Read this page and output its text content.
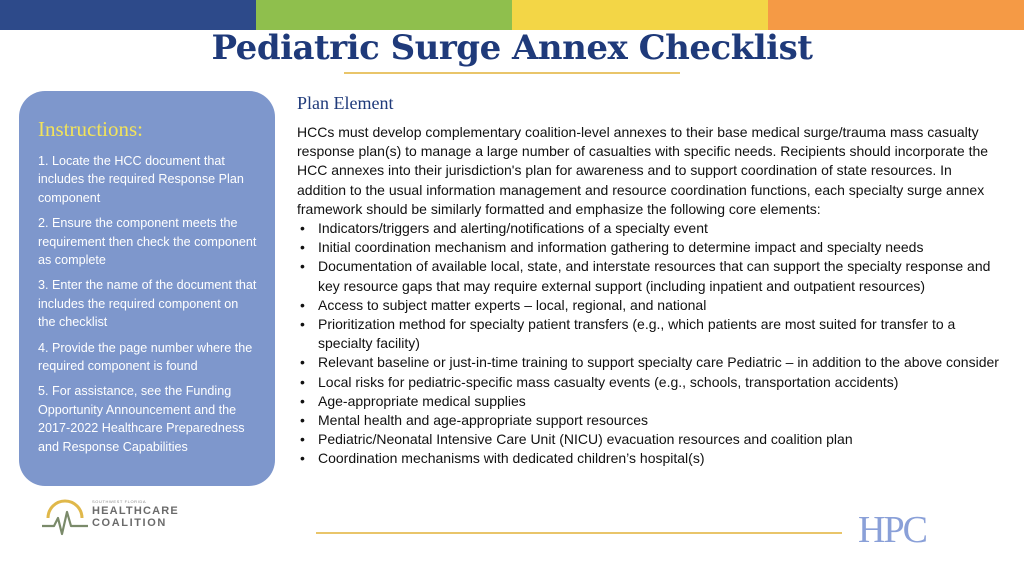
Pediatric Surge Annex Checklist
Instructions:

1. Locate the HCC document that includes the required Response Plan component

2. Ensure the component meets the requirement then check the component as complete

3. Enter the name of the document that includes the required component on the checklist

4. Provide the page number where the required component is found

5. For assistance, see the Funding Opportunity Announcement and the 2017-2022 Healthcare Preparedness and Response Capabilities

Plan Element

HCCs must develop complementary coalition-level annexes to their base medical surge/trauma mass casualty response plan(s) to manage a large number of casualties with specific needs. Recipients should incorporate the HCC annexes into their jurisdiction's plan for awareness and to support coordination of state resources. In addition to the usual information management and resource coordination functions, each specialty surge annex framework should be similarly formatted and emphasize the following core elements:

• Indicators/triggers and alerting/notifications of a specialty event
• Initial coordination mechanism and information gathering to determine impact and specialty needs
• Documentation of available local, state, and interstate resources that can support the specialty response and key resource gaps that may require external support (including inpatient and outpatient resources)
• Access to subject matter experts – local, regional, and national
• Prioritization method for specialty patient transfers (e.g., which patients are most suited for transfer to a specialty facility)
• Relevant baseline or just-in-time training to support specialty care Pediatric – in addition to the above consider
• Local risks for pediatric-specific mass casualty events (e.g., schools, transportation accidents)
• Age-appropriate medical supplies
• Mental health and age-appropriate support resources
• Pediatric/Neonatal Intensive Care Unit (NICU) evacuation resources and coalition plan
• Coordination mechanisms with dedicated children’s hospital(s)
SOUTHWEST FLORIDA
HEALTHCARE
COALITION	HPC
